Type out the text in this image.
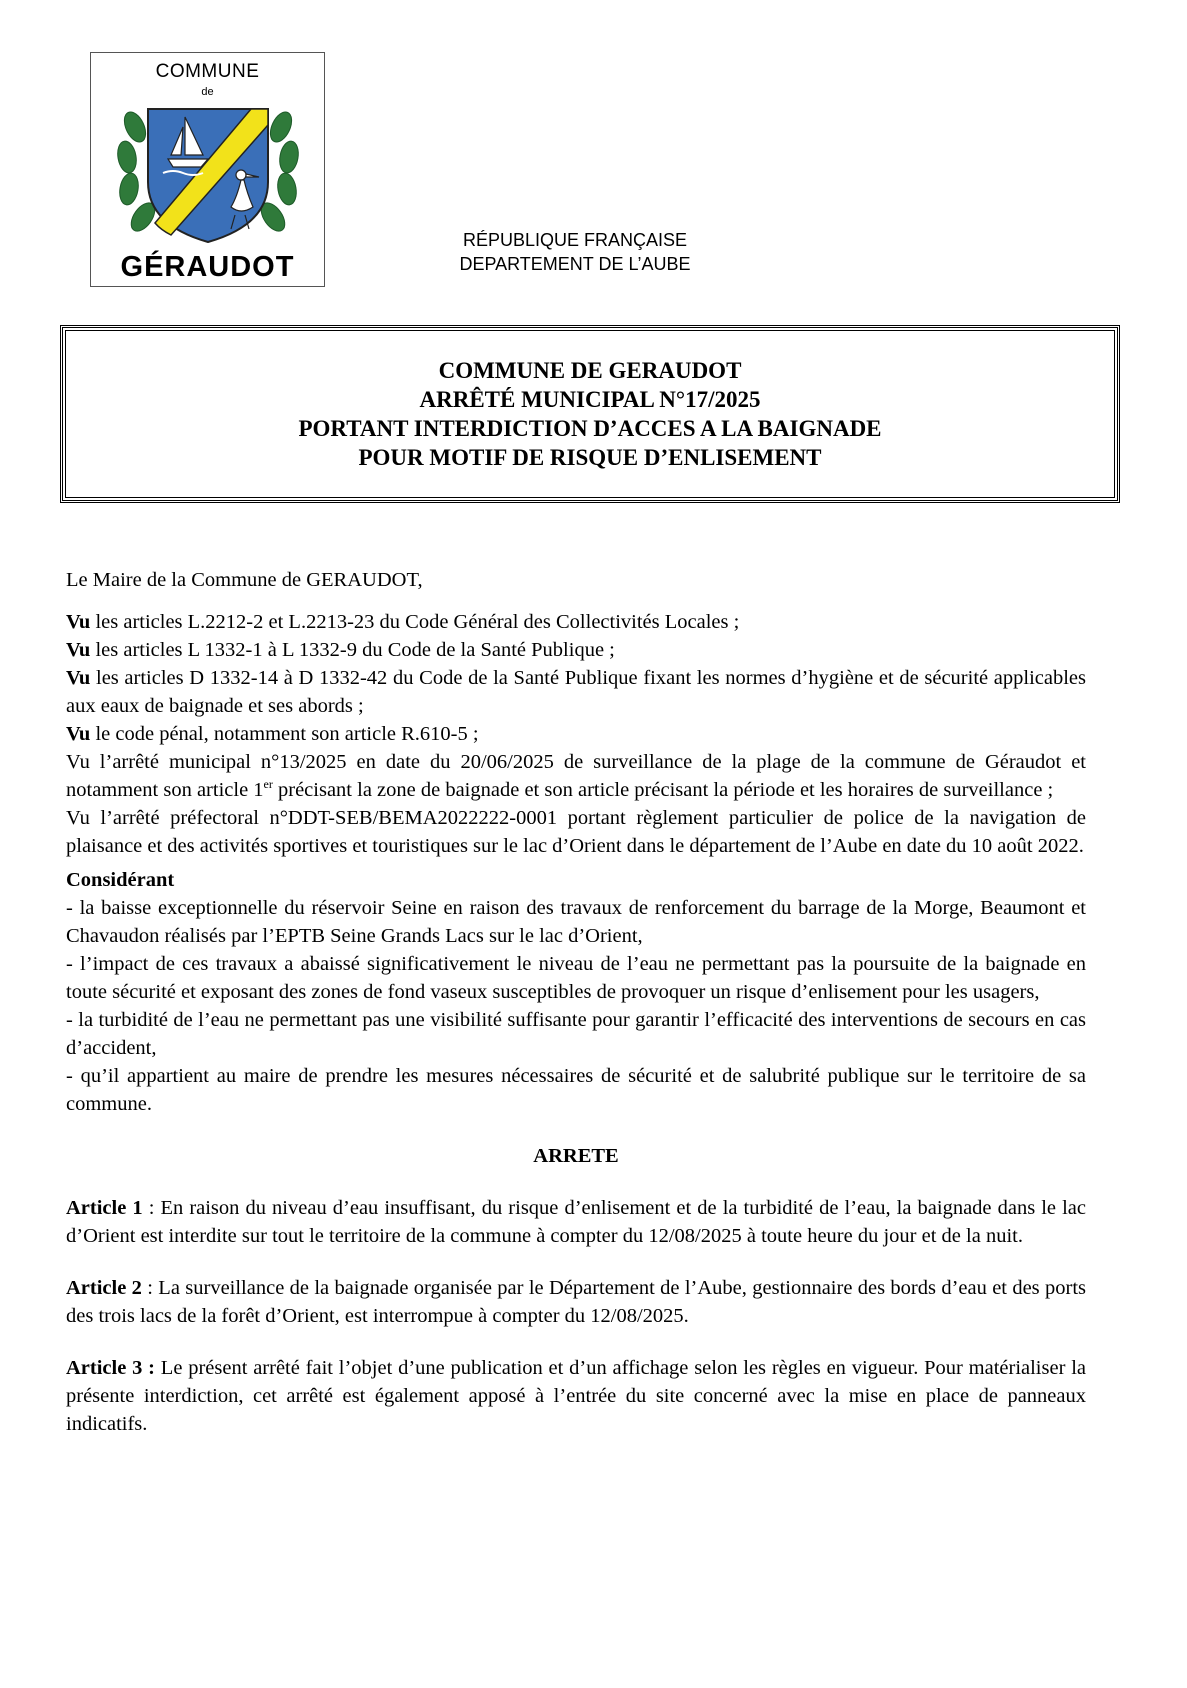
COMMUNE
de
GÉRAUDOT
RÉPUBLIQUE FRANÇAISE
DEPARTEMENT DE L’AUBE
COMMUNE DE GERAUDOT
ARRÊTÉ MUNICIPAL N°17/2025
PORTANT INTERDICTION D’ACCES A LA BAIGNADE
POUR MOTIF DE RISQUE D’ENLISEMENT

Le Maire de la Commune de GERAUDOT,

Vu les articles L.2212-2 et L.2213-23 du Code Général des Collectivités Locales ;

Vu les articles L 1332-1 à L 1332-9 du Code de la Santé Publique ;

Vu les articles D 1332-14 à D 1332-42 du Code de la Santé Publique fixant les normes d’hygiène et de sécurité applicables aux eaux de baignade et ses abords ;

Vu le code pénal, notamment son article R.610-5 ;

Vu l’arrêté municipal n°13/2025 en date du 20/06/2025 de surveillance de la plage de la commune de Géraudot et notamment son article 1er précisant la zone de baignade et son article précisant la période et les horaires de surveillance ;

Vu l’arrêté préfectoral n°DDT-SEB/BEMA2022222-0001 portant règlement particulier de police de la navigation de plaisance et des activités sportives et touristiques sur le lac d’Orient dans le département de l’Aube en date du 10 août 2022.

Considérant

- la baisse exceptionnelle du réservoir Seine en raison des travaux de renforcement du barrage de la Morge, Beaumont et Chavaudon réalisés par l’EPTB Seine Grands Lacs sur le lac d’Orient,

- l’impact de ces travaux a abaissé significativement le niveau de l’eau ne permettant pas la poursuite de la baignade en toute sécurité et exposant des zones de fond vaseux susceptibles de provoquer un risque d’enlisement pour les usagers,

- la turbidité de l’eau ne permettant pas une visibilité suffisante pour garantir l’efficacité des interventions de secours en cas d’accident,

- qu’il appartient au maire de prendre les mesures nécessaires de sécurité et de salubrité publique sur le territoire de sa commune.

ARRETE

Article 1 : En raison du niveau d’eau insuffisant, du risque d’enlisement et de la turbidité de l’eau, la baignade dans le lac d’Orient est interdite sur tout le territoire de la commune à compter du 12/08/2025 à toute heure du jour et de la nuit.

Article 2 : La surveillance de la baignade organisée par le Département de l’Aube, gestionnaire des bords d’eau et des ports des trois lacs de la forêt d’Orient, est interrompue à compter du 12/08/2025.

Article 3 : Le présent arrêté fait l’objet d’une publication et d’un affichage selon les règles en vigueur. Pour matérialiser la présente interdiction, cet arrêté est également apposé à l’entrée du site concerné avec la mise en place de panneaux indicatifs.
